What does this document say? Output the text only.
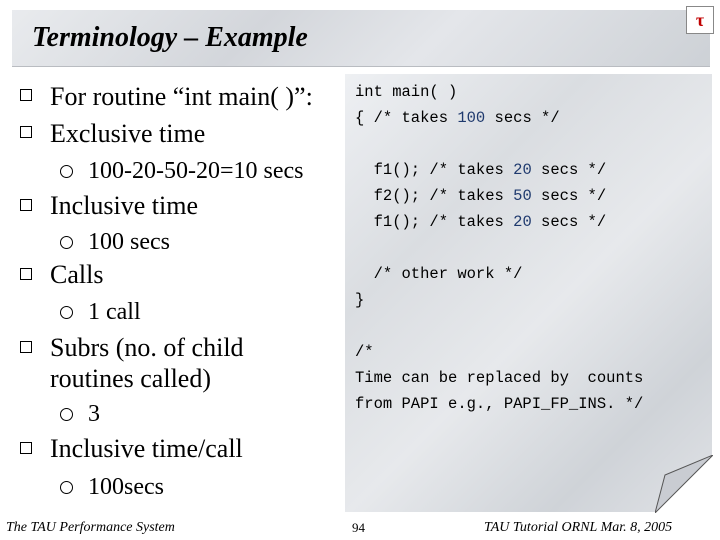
Terminology – Example
τ
For routine “int main( )”:
Exclusive time
100-20-50-20=10 secs
Inclusive time
100 secs
Calls
1 call
Subrs (no. of child
routines called)
3
Inclusive time/call
100secs
int main( )
{ /* takes 100 secs */
f1(); /* takes 20 secs */
f2(); /* takes 50 secs */
f1(); /* takes 20 secs */
/* other work */
}
/*
Time can be replaced by  counts
from PAPI e.g., PAPI_FP_INS. */
The TAU Performance System	94	TAU Tutorial ORNL Mar. 8, 2005
